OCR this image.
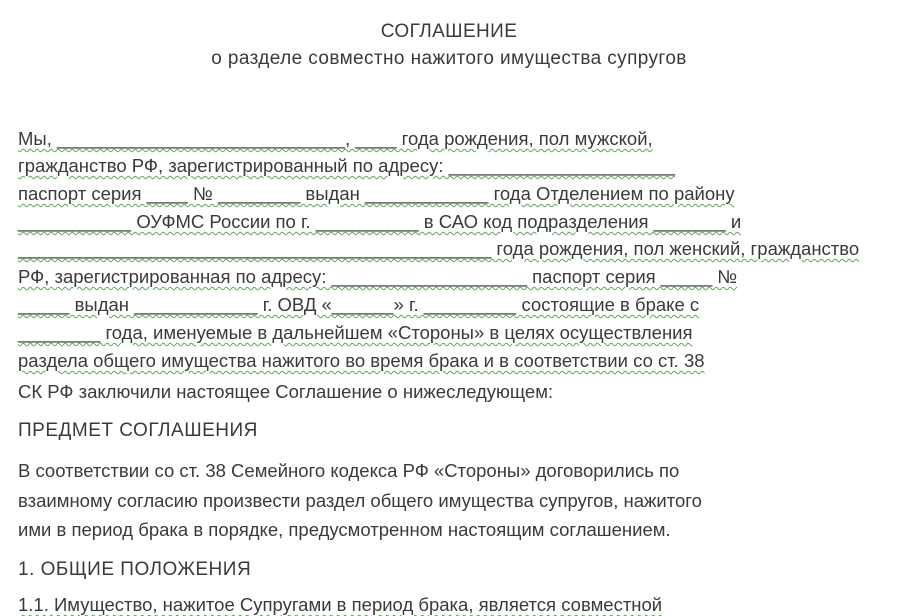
СОГЛАШЕНИЕ
о разделе совместно нажитого имущества супругов
Мы, ____________________________, ____ года рождения, пол мужской,
гражданство РФ, зарегистрированный по адресу: ______________________
паспорт серия ____ № ________ выдан ____________ года Отделением по району
___________ ОУФМС России по г. __________ в САО код подразделения _______ и
______________________________________________ года рождения, пол женский, гражданство
РФ, зарегистрированная по адресу: ___________________ паспорт серия _____ №
_____ выдан ____________ г. ОВД «______» г. _________ состоящие в браке с
________ года, именуемые в дальнейшем «Стороны» в целях осуществления
раздела общего имущества нажитого во время брака и в соответствии со ст. 38
СК РФ заключили настоящее Соглашение о нижеследующем:
ПРЕДМЕТ СОГЛАШЕНИЯ
В соответствии со ст. 38 Семейного кодекса РФ «Стороны» договорились по
взаимному согласию произвести раздел общего имущества супругов, нажитого
ими в период брака в порядке, предусмотренном настоящим соглашением.
1. ОБЩИЕ ПОЛОЖЕНИЯ
1.1. Имущество, нажитое Супругами в период брака, является совместной
